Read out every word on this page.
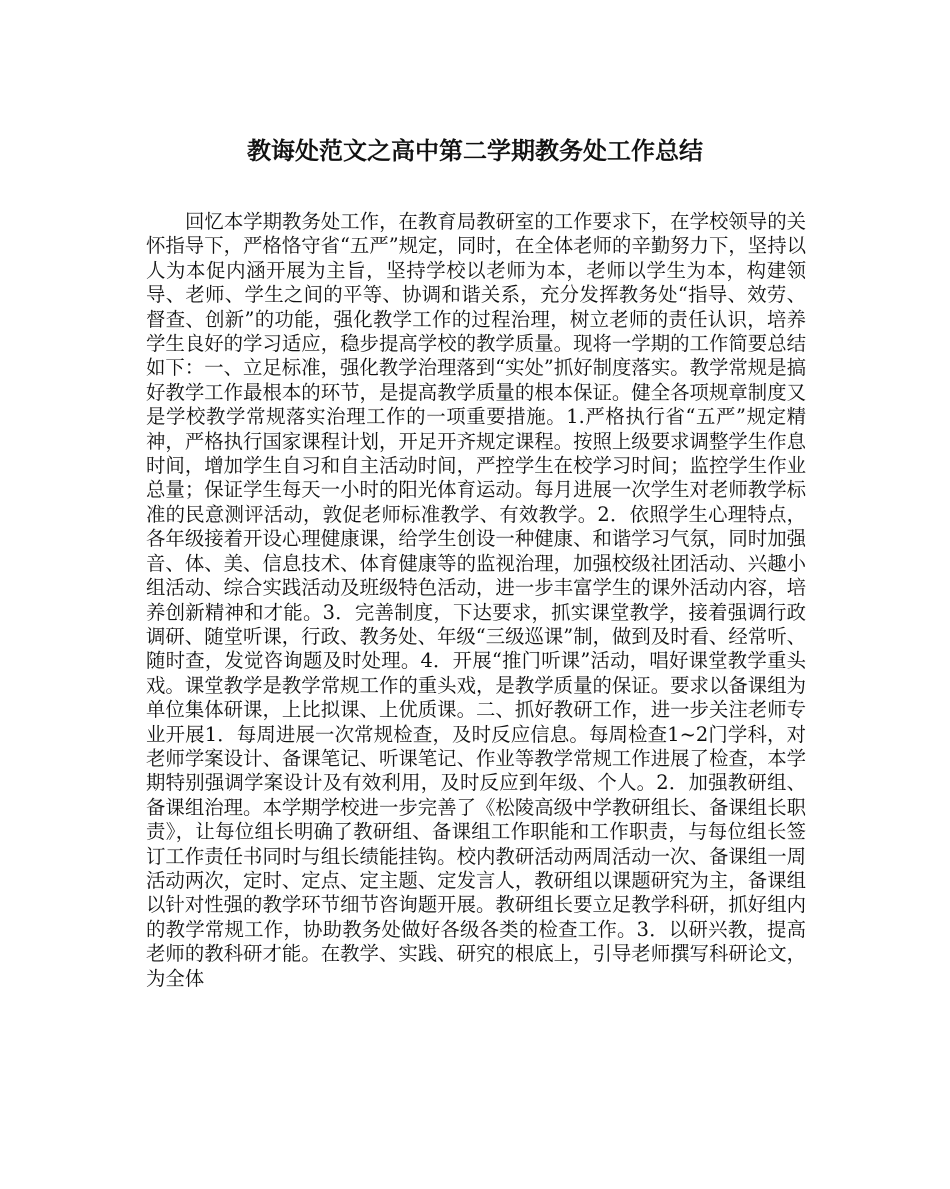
教诲处范文之高中第二学期教务处工作总结

回忆本学期教务处工作，在教育局教研室的工作要求下，在学校领导的关怀指导下，严格恪守省“五严”规定，同时，在全体老师的辛勤努力下，坚持以人为本促内涵开展为主旨，坚持学校以老师为本，老师以学生为本，构建领导、老师、学生之间的平等、协调和谐关系，充分发挥教务处“指导、效劳、督查、创新”的功能，强化教学工作的过程治理，树立老师的责任认识，培养学生良好的学习适应，稳步提高学校的教学质量。现将一学期的工作简要总结如下：一、立足标准，强化教学治理落到“实处”抓好制度落实。教学常规是搞好教学工作最根本的环节，是提高教学质量的根本保证。健全各项规章制度又是学校教学常规落实治理工作的一项重要措施。1.严格执行省“五严”规定精神，严格执行国家课程计划，开足开齐规定课程。按照上级要求调整学生作息时间，增加学生自习和自主活动时间，严控学生在校学习时间；监控学生作业总量；保证学生每天一小时的阳光体育运动。每月进展一次学生对老师教学标准的民意测评活动，敦促老师标准教学、有效教学。2．依照学生心理特点，各年级接着开设心理健康课，给学生创设一种健康、和谐学习气氛，同时加强音、体、美、信息技术、体育健康等的监视治理，加强校级社团活动、兴趣小组活动、综合实践活动及班级特色活动，进一步丰富学生的课外活动内容，培养创新精神和才能。3．完善制度，下达要求，抓实课堂教学，接着强调行政调研、随堂听课，行政、教务处、年级“三级巡课”制，做到及时看、经常听、随时查，发觉咨询题及时处理。4．开展“推门听课”活动，唱好课堂教学重头戏。课堂教学是教学常规工作的重头戏，是教学质量的保证。要求以备课组为单位集体研课，上比拟课、上优质课。二、抓好教研工作，进一步关注老师专业开展1．每周进展一次常规检查，及时反应信息。每周检查1~2门学科，对老师学案设计、备课笔记、听课笔记、作业等教学常规工作进展了检查，本学期特别强调学案设计及有效利用，及时反应到年级、个人。2．加强教研组、备课组治理。本学期学校进一步完善了《松陵高级中学教研组长、备课组长职责》，让每位组长明确了教研组、备课组工作职能和工作职责，与每位组长签订工作责任书同时与组长绩能挂钩。校内教研活动两周活动一次、备课组一周活动两次，定时、定点、定主题、定发言人，教研组以课题研究为主，备课组以针对性强的教学环节细节咨询题开展。教研组长要立足教学科研，抓好组内的教学常规工作，协助教务处做好各级各类的检查工作。3．以研兴教，提高老师的教科研才能。在教学、实践、研究的根底上，引导老师撰写科研论文，为全体
